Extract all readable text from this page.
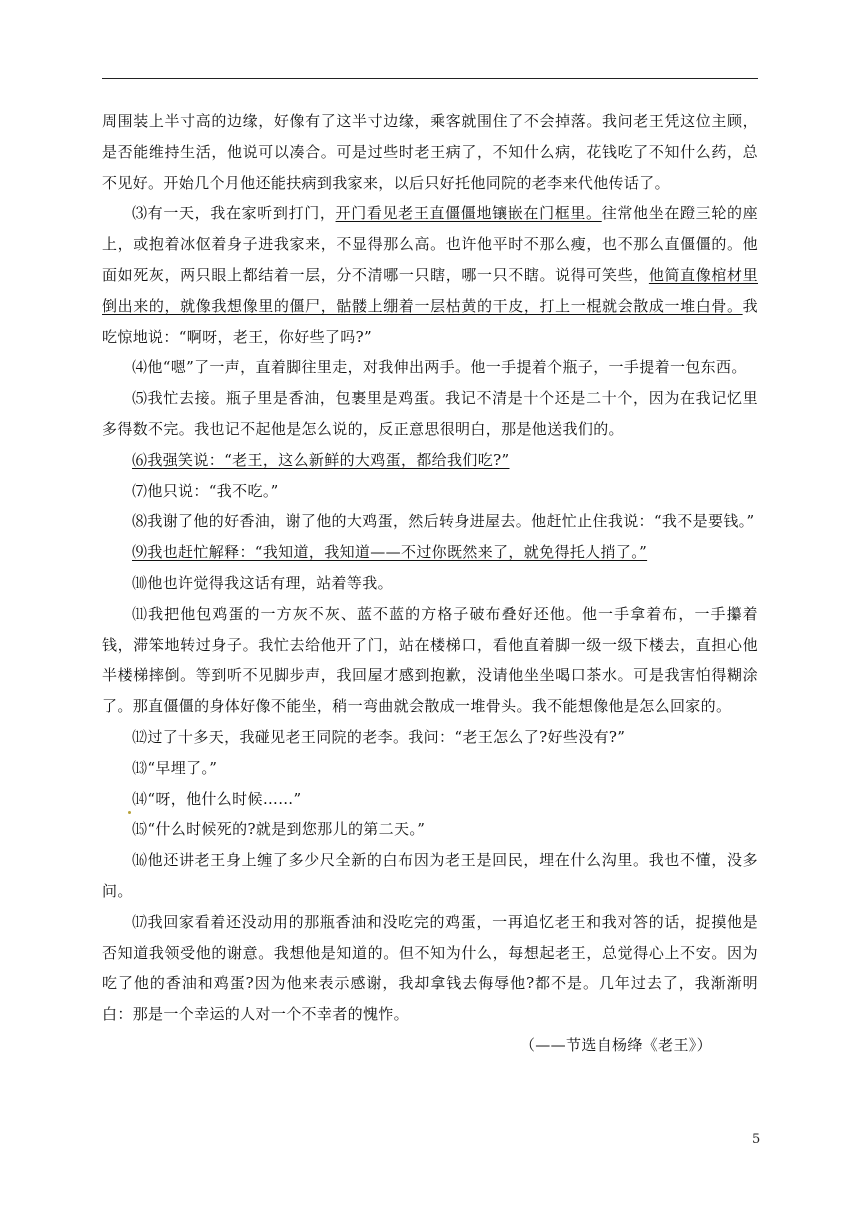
周围装上半寸高的边缘，好像有了这半寸边缘，乘客就围住了不会掉落。我问老王凭这位主顾，是否能维持生活，他说可以凑合。可是过些时老王病了，不知什么病，花钱吃了不知什么药，总不见好。开始几个月他还能扶病到我家来，以后只好托他同院的老李来代他传话了。

⑶有一天，我在家听到打门，开门看见老王直僵僵地镶嵌在门框里。往常他坐在蹬三轮的座上，或抱着冰伛着身子进我家来，不显得那么高。也许他平时不那么瘦，也不那么直僵僵的。他面如死灰，两只眼上都结着一层，分不清哪一只瞎，哪一只不瞎。说得可笑些，他简直像棺材里倒出来的，就像我想像里的僵尸，骷髅上绷着一层枯黄的干皮，打上一棍就会散成一堆白骨。我吃惊地说：“啊呀，老王，你好些了吗?”

⑷他“嗯”了一声，直着脚往里走，对我伸出两手。他一手提着个瓶子，一手提着一包东西。

⑸我忙去接。瓶子里是香油，包裹里是鸡蛋。我记不清是十个还是二十个，因为在我记忆里多得数不完。我也记不起他是怎么说的，反正意思很明白，那是他送我们的。

⑹我强笑说：“老王，这么新鲜的大鸡蛋，都给我们吃?”

⑺他只说：“我不吃。”

⑻我谢了他的好香油，谢了他的大鸡蛋，然后转身进屋去。他赶忙止住我说：“我不是要钱。”

⑼我也赶忙解释：“我知道，我知道——不过你既然来了，就免得托人捎了。”

⑽他也许觉得我这话有理，站着等我。

⑾我把他包鸡蛋的一方灰不灰、蓝不蓝的方格子破布叠好还他。他一手拿着布，一手攥着钱，滞笨地转过身子。我忙去给他开了门，站在楼梯口，看他直着脚一级一级下楼去，直担心他半楼梯摔倒。等到听不见脚步声，我回屋才感到抱歉，没请他坐坐喝口茶水。可是我害怕得糊涂了。那直僵僵的身体好像不能坐，稍一弯曲就会散成一堆骨头。我不能想像他是怎么回家的。

⑿过了十多天，我碰见老王同院的老李。我问：“老王怎么了?好些没有?”

⒀“早埋了。”

⒁“呀，他什么时候……”

⒂“什么时候死的?就是到您那儿的第二天。”

⒃他还讲老王身上缠了多少尺全新的白布因为老王是回民，埋在什么沟里。我也不懂，没多问。

⒄我回家看着还没动用的那瓶香油和没吃完的鸡蛋，一再追忆老王和我对答的话，捉摸他是否知道我领受他的谢意。我想他是知道的。但不知为什么，每想起老王，总觉得心上不安。因为吃了他的香油和鸡蛋?因为他来表示感谢，我却拿钱去侮辱他?都不是。几年过去了，我渐渐明白：那是一个幸运的人对一个不幸者的愧怍。

（——节选自杨绛《老王》）

5
